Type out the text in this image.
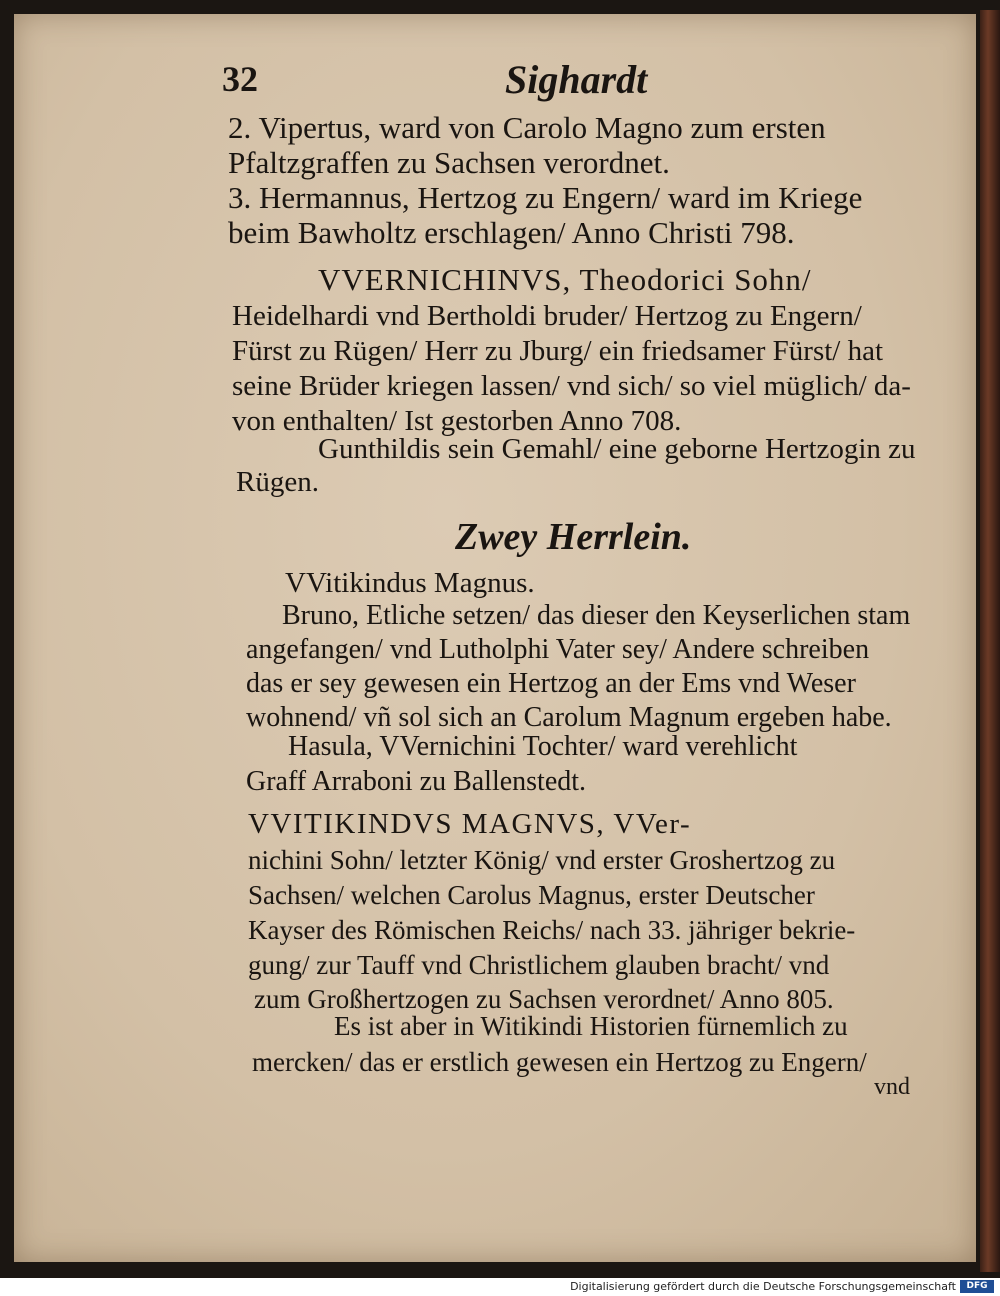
32	Sighardt
2. Vipertus, ward von Carolo Magno zum ersten
Pfaltzgraffen zu Sachsen verordnet.
3. Hermannus, Hertzog zu Engern/ ward im Kriege
beim Bawholtz erschlagen/ Anno Christi 798.
VVERNICHINVS, Theodorici Sohn/
Heidelhardi vnd Bertholdi bruder/ Hertzog zu Engern/
Fürst zu Rügen/ Herr zu Jburg/ ein friedsamer Fürst/ hat
seine Brüder kriegen lassen/ vnd sich/ so viel müglich/ da-
von enthalten/ Ist gestorben Anno 708.
Gunthildis sein Gemahl/ eine geborne Hertzogin zu
Rügen.
Zwey Herrlein.
VVitikindus Magnus.
Bruno, Etliche setzen/ das dieser den Keyserlichen stam
angefangen/ vnd Lutholphi Vater sey/ Andere schreiben
das er sey gewesen ein Hertzog an der Ems vnd Weser
wohnend/ vñ sol sich an Carolum Magnum ergeben habe.
Hasula, VVernichini Tochter/ ward verehlicht
Graff Arraboni zu Ballenstedt.
VVITIKINDVS MAGNVS, VVer-
nichini Sohn/ letzter König/ vnd erster Groshertzog zu
Sachsen/ welchen Carolus Magnus, erster Deutscher
Kayser des Römischen Reichs/ nach 33. jähriger bekrie-
gung/ zur Tauff vnd Christlichem glauben bracht/ vnd
zum Großhertzogen zu Sachsen verordnet/ Anno 805.
Es ist aber in Witikindi Historien fürnemlich zu
mercken/ das er erstlich gewesen ein Hertzog zu Engern/
vnd
Digitalisierung gefördert durch die Deutsche Forschungsgemeinschaft	DFG
